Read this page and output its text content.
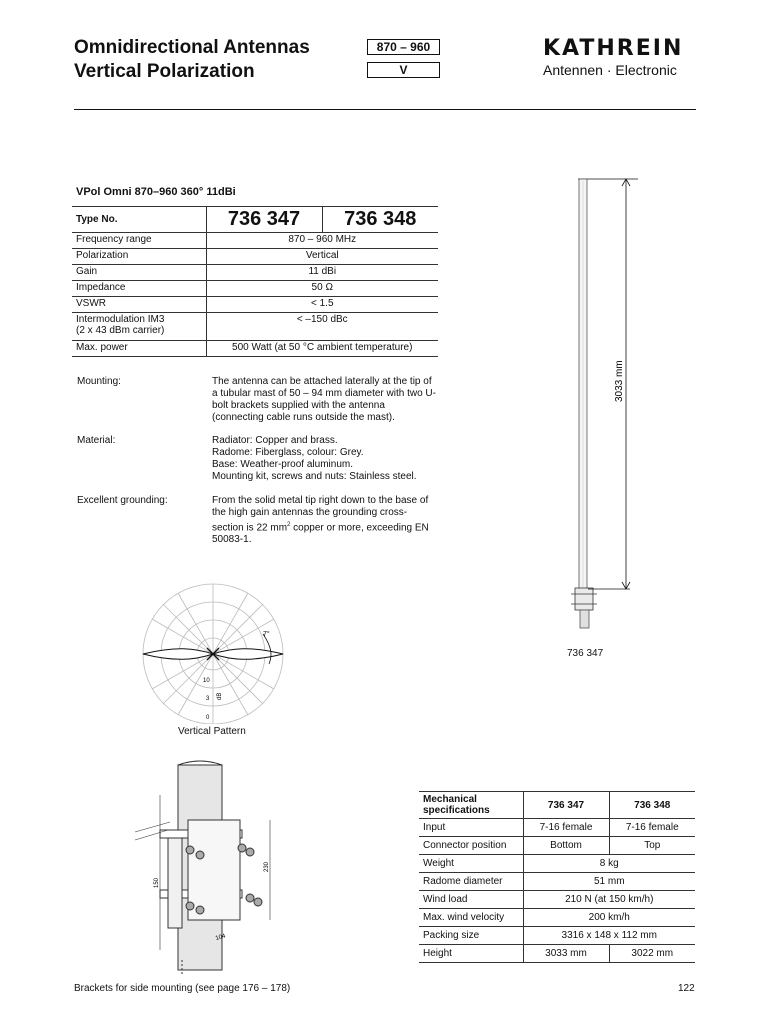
Omnidirectional Antennas
Vertical Polarization
870 – 960
V
KATHREIN
Antennen · Electronic
VPol Omni 870–960 360° 11dBi
Type No.	736 347	736 348
Frequency range	870 – 960 MHz	
Polarization	Vertical	
Gain	11 dBi	
Impedance	50 Ω	
VSWR	< 1.5	

Intermodulation IM3
(2 x 43 dBm carrier)	< –150 dBc	
Max. power	500 Watt (at 50 °C ambient temperature)	
Mounting:	The antenna can be attached laterally at the tip of a tubular mast of 50 – 94 mm diameter with two U-bolt brackets supplied with the antenna (connecting cable runs outside the mast).
Material:	Radiator: Copper and brass.
Radome: Fiberglass, colour: Grey.
Base: Weather-proof aluminum.
Mounting kit, screws and nuts: Stainless steel.
Excellent grounding:	From the solid metal tip right down to the base of the high gain antennas the grounding cross-section is 22 $mm^2$ copper or more, exceeding EN 50083-1.
7°
10
3
0
dB
Vertical Pattern
3033 mm
736 347
230
150
104
Mechanical specifications	736 347	736 348
Input	7-16 female	7-16 female
Connector position	Bottom	Top
Weight	8 kg	
Radome diameter	51 mm	
Wind load	210 N (at 150 km/h)	
Max. wind velocity	200 km/h	
Packing size	3316 x 148 x 112 mm	
Height	3033 mm	3022 mm
Brackets for side mounting (see page 176 – 178)	122
